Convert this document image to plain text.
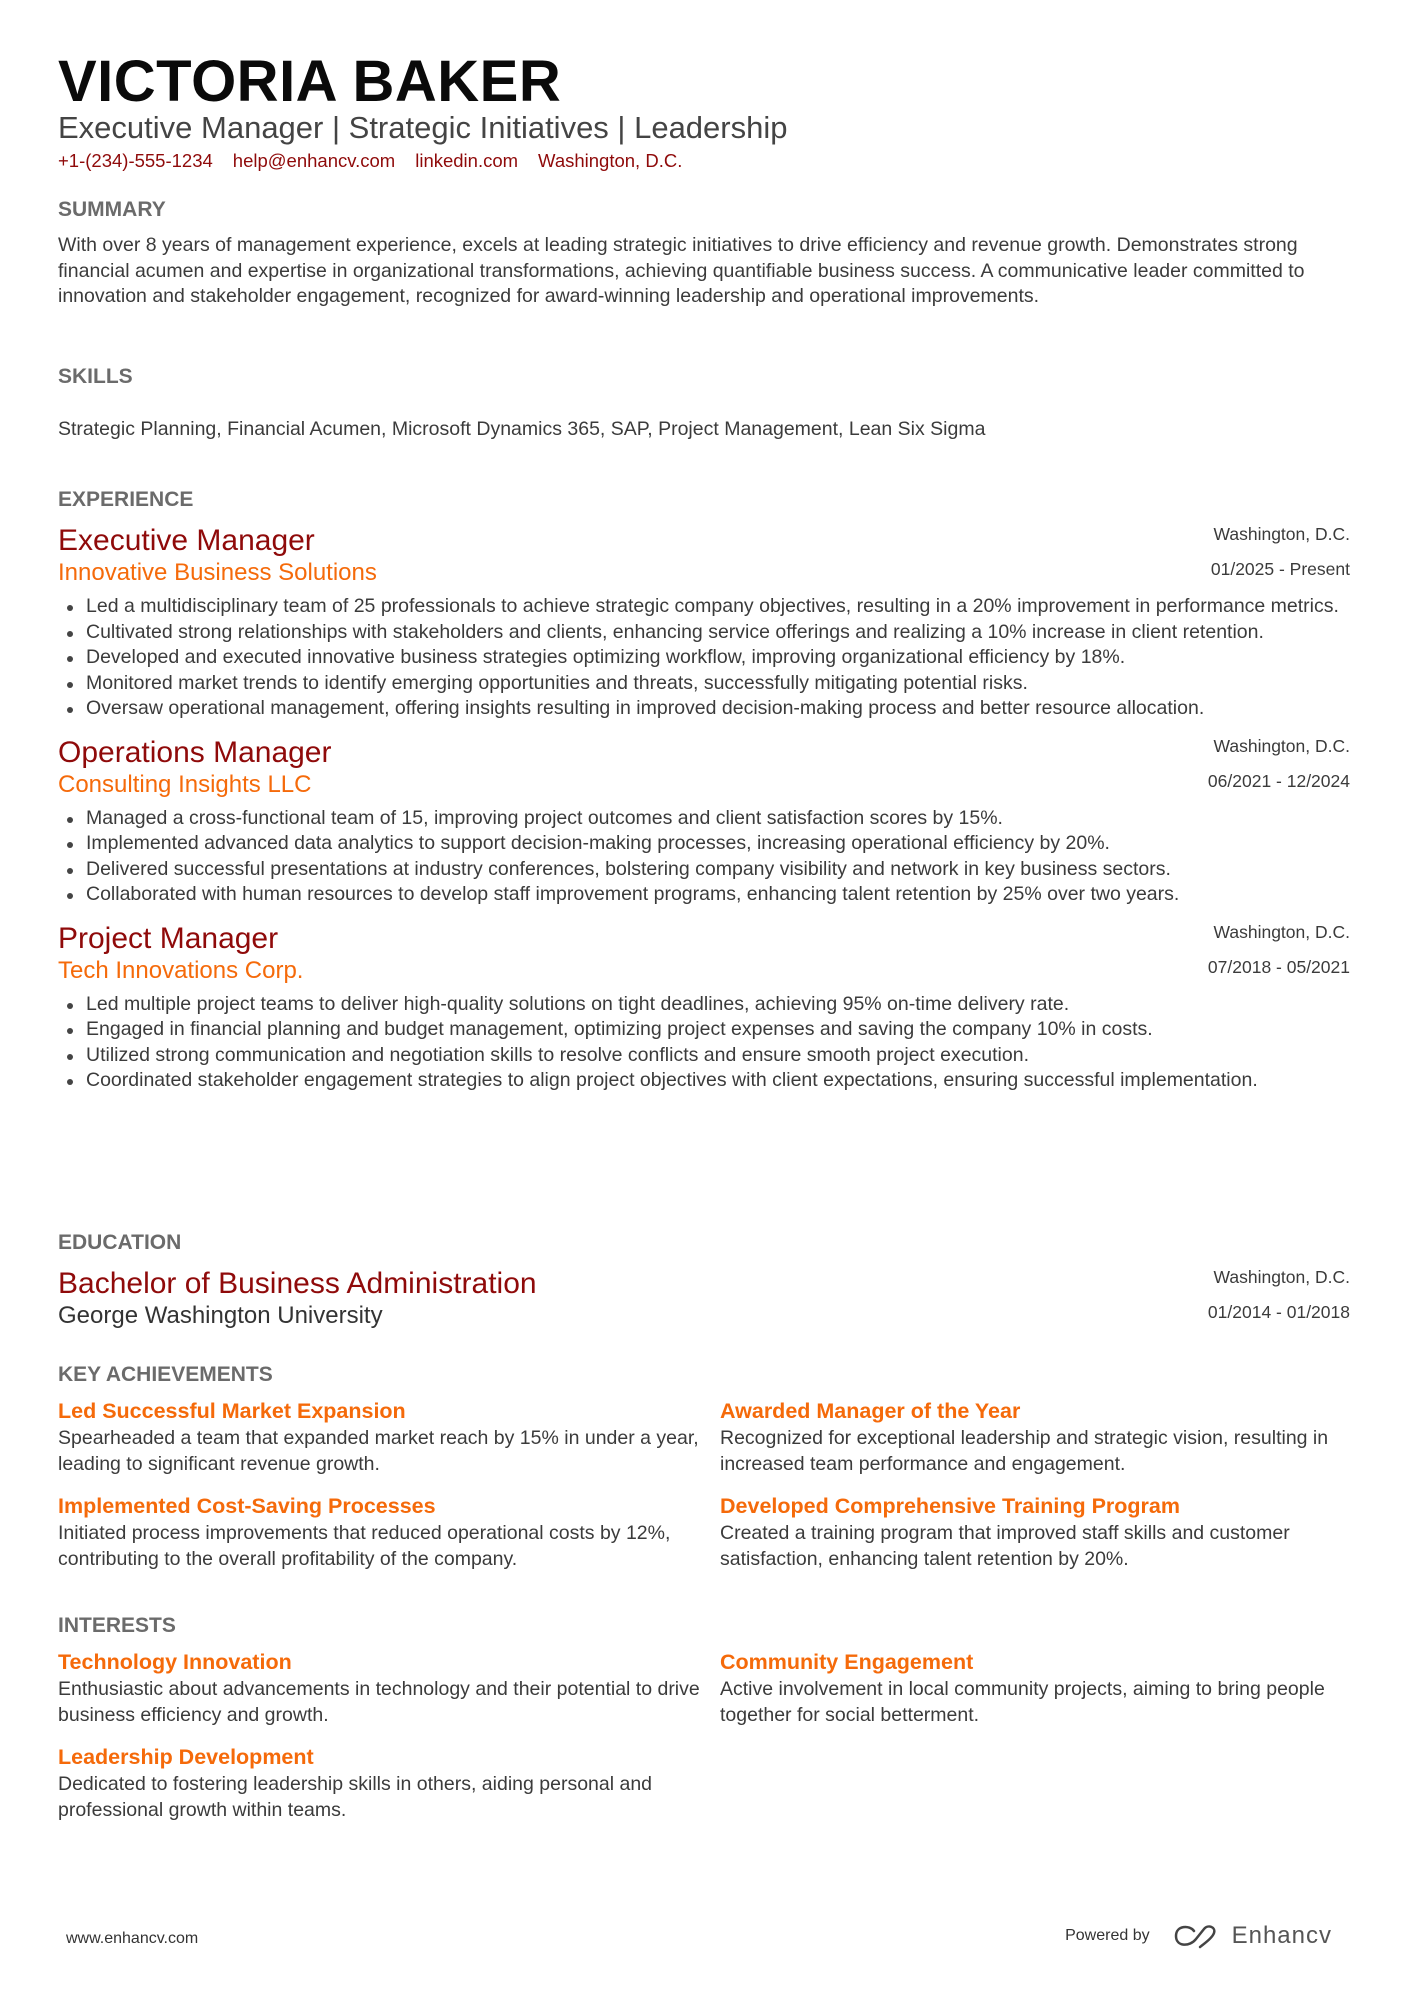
VICTORIA BAKER
Executive Manager | Strategic Initiatives | Leadership
+1-(234)-555-1234 help@enhancv.com linkedin.com Washington, D.C.
SUMMARY
With over 8 years of management experience, excels at leading strategic initiatives to drive efficiency and revenue growth. Demonstrates strong financial acumen and expertise in organizational transformations, achieving quantifiable business success. A communicative leader committed to innovation and stakeholder engagement, recognized for award-winning leadership and operational improvements.
SKILLS
Strategic Planning, Financial Acumen, Microsoft Dynamics 365, SAP, Project Management, Lean Six Sigma
EXPERIENCE
Executive Manager
Innovative Business Solutions
Washington, D.C.
01/2025 - Present
Led a multidisciplinary team of 25 professionals to achieve strategic company objectives, resulting in a 20% improvement in performance metrics.
Cultivated strong relationships with stakeholders and clients, enhancing service offerings and realizing a 10% increase in client retention.
Developed and executed innovative business strategies optimizing workflow, improving organizational efficiency by 18%.
Monitored market trends to identify emerging opportunities and threats, successfully mitigating potential risks.
Oversaw operational management, offering insights resulting in improved decision-making process and better resource allocation.
Operations Manager
Consulting Insights LLC
Washington, D.C.
06/2021 - 12/2024
Managed a cross-functional team of 15, improving project outcomes and client satisfaction scores by 15%.
Implemented advanced data analytics to support decision-making processes, increasing operational efficiency by 20%.
Delivered successful presentations at industry conferences, bolstering company visibility and network in key business sectors.
Collaborated with human resources to develop staff improvement programs, enhancing talent retention by 25% over two years.
Project Manager
Tech Innovations Corp.
Washington, D.C.
07/2018 - 05/2021
Led multiple project teams to deliver high-quality solutions on tight deadlines, achieving 95% on-time delivery rate.
Engaged in financial planning and budget management, optimizing project expenses and saving the company 10% in costs.
Utilized strong communication and negotiation skills to resolve conflicts and ensure smooth project execution.
Coordinated stakeholder engagement strategies to align project objectives with client expectations, ensuring successful implementation.
EDUCATION
Bachelor of Business Administration
George Washington University
Washington, D.C.
01/2014 - 01/2018
KEY ACHIEVEMENTS
Led Successful Market Expansion
Spearheaded a team that expanded market reach by 15% in under a year, leading to significant revenue growth.
Awarded Manager of the Year
Recognized for exceptional leadership and strategic vision, resulting in increased team performance and engagement.
Implemented Cost-Saving Processes
Initiated process improvements that reduced operational costs by 12%, contributing to the overall profitability of the company.
Developed Comprehensive Training Program
Created a training program that improved staff skills and customer satisfaction, enhancing talent retention by 20%.
INTERESTS
Technology Innovation
Enthusiastic about advancements in technology and their potential to drive business efficiency and growth.
Community Engagement
Active involvement in local community projects, aiming to bring people together for social betterment.
Leadership Development
Dedicated to fostering leadership skills in others, aiding personal and professional growth within teams.
www.enhancv.com	Powered by	Enhancv
